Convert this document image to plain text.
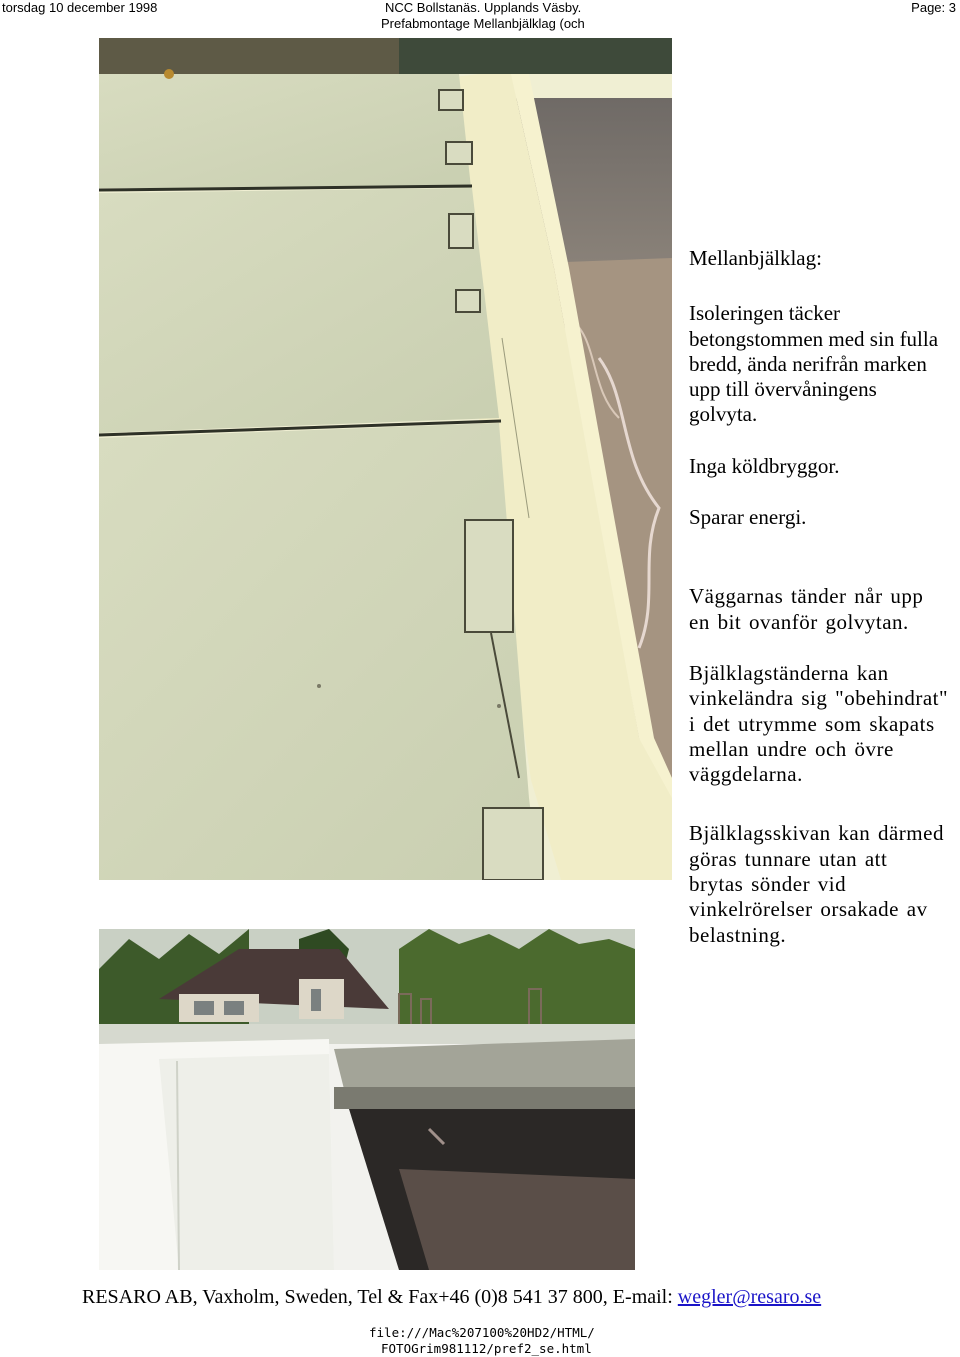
torsdag 10 december 1998	NCC Bollstanäs. Upplands Väsby.
Prefabmontage Mellanbjälklag (och
Page: 3

Mellanbjälklag:

Isoleringen täcker betongstommen med sin fulla bredd, ända nerifrån marken upp till övervåningens golvyta.

Inga köldbryggor.

Sparar energi.

Väggarnas tänder når upp en bit ovanför golvytan.

Bjälklagständerna kan vinkeländra sig "obehindrat" i det utrymme som skapats mellan undre och övre väggdelarna.

Bjälklagsskivan kan därmed göras tunnare utan att brytas sönder vid vinkelrörelser orsakade av belastning.

RESARO AB, Vaxholm, Sweden, Tel & Fax+46 (0)8 541 37 800, E-mail: wegler@resaro.se
file:///Mac%207100%20HD2/HTML/
FOTOGrim981112/pref2_se.html
